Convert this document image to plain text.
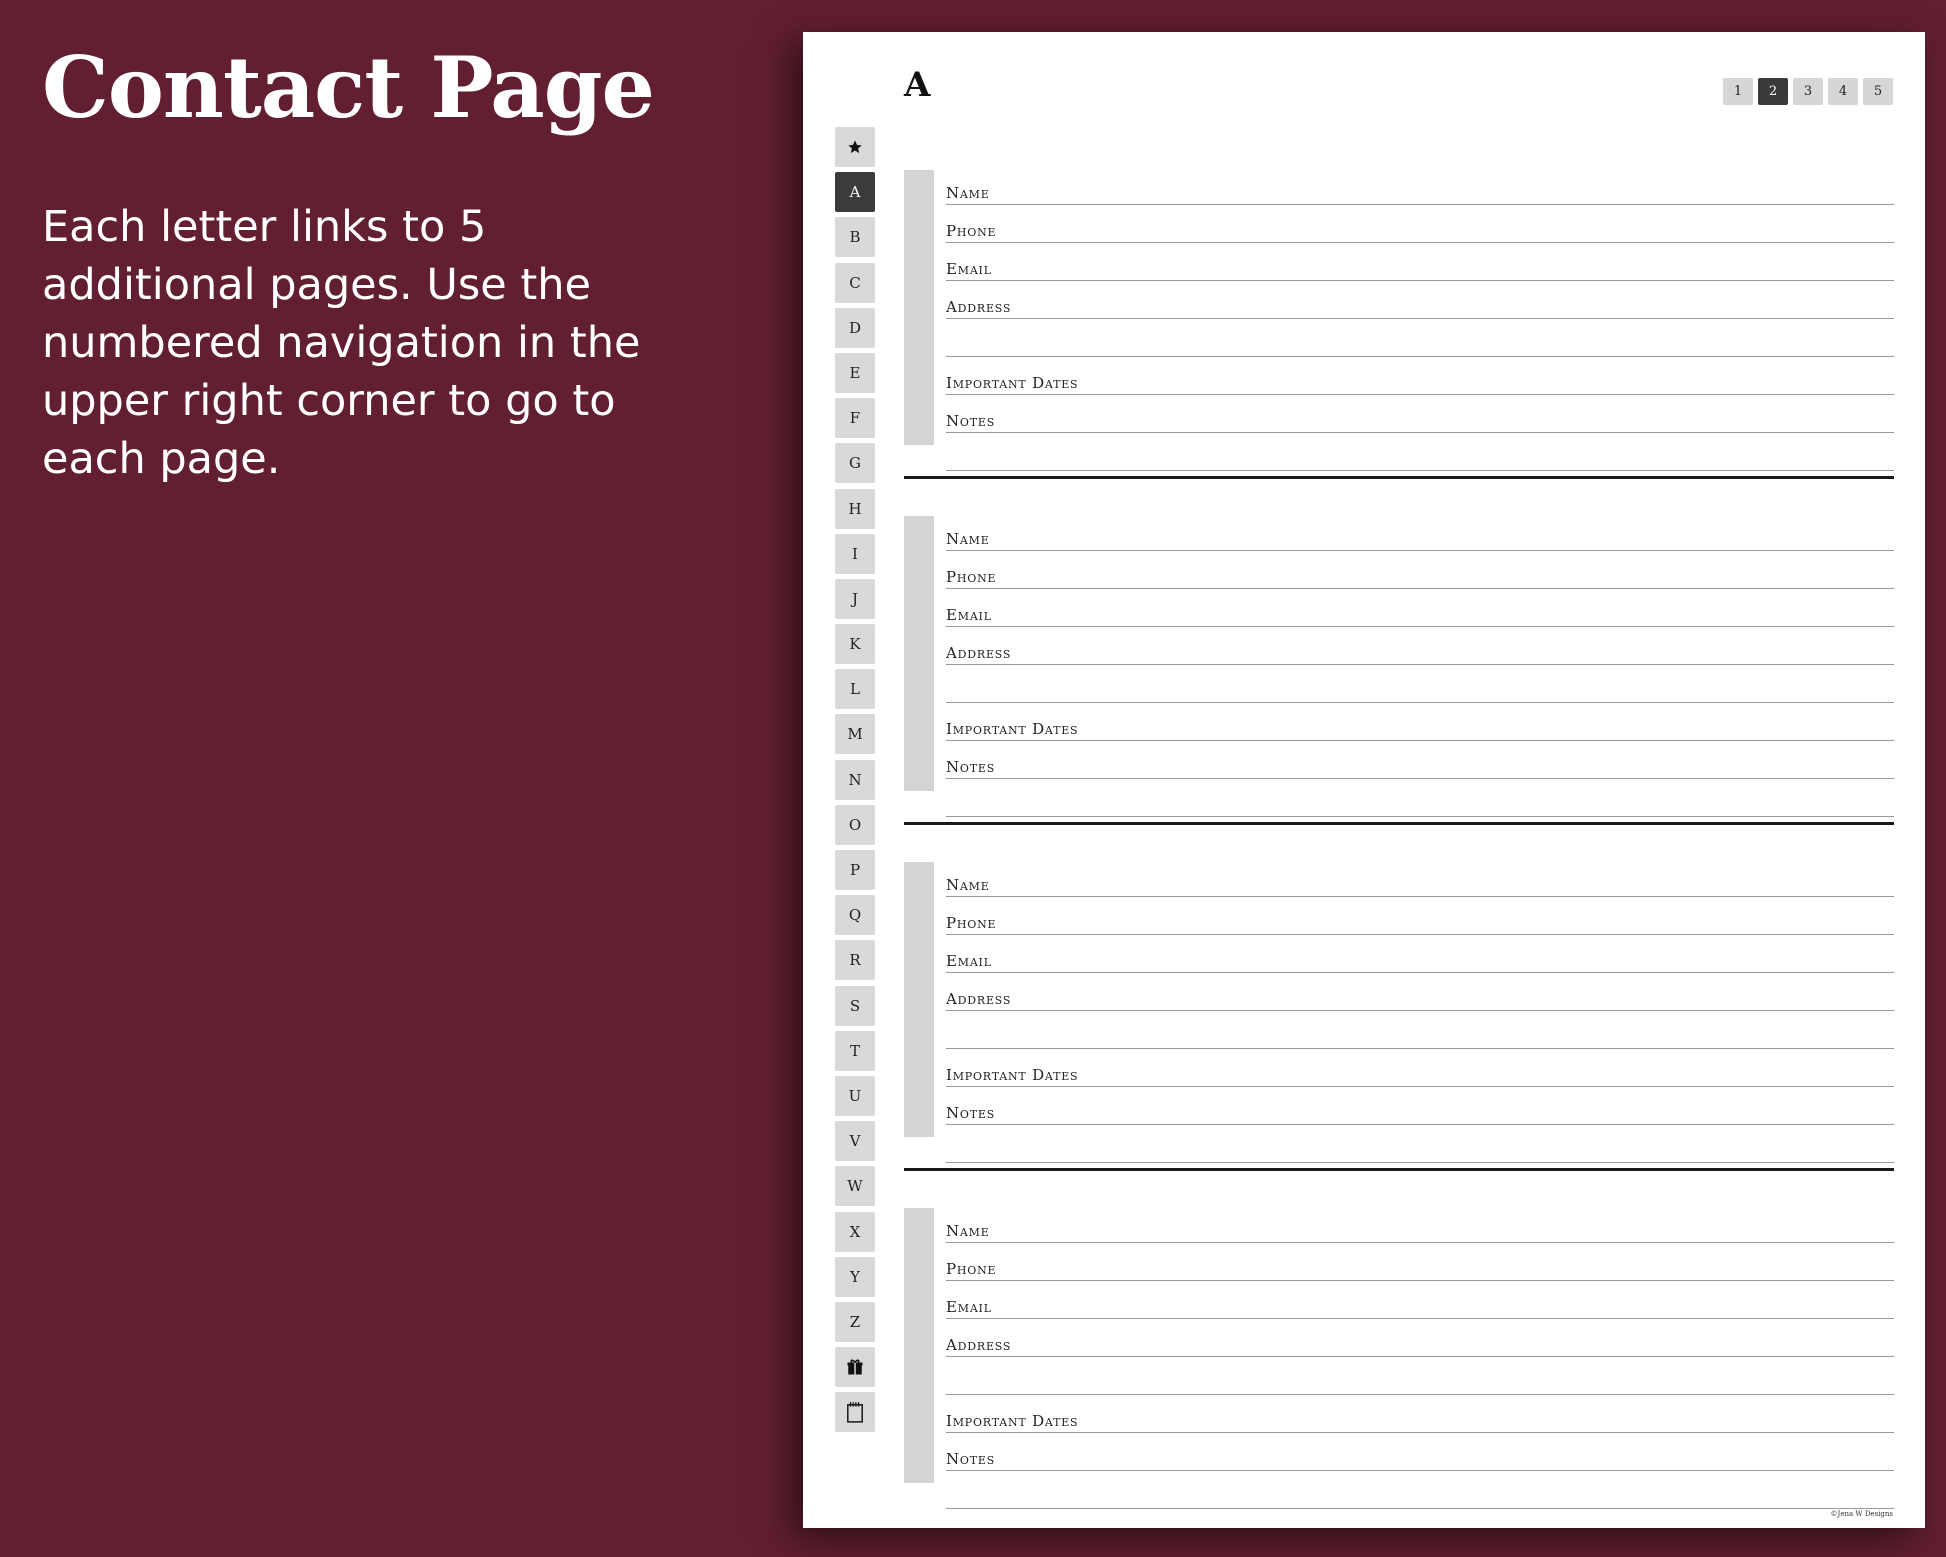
Contact Page

Each letter links to 5 additional pages. Use the numbered navigation in the upper right corner to go to each page.

A	1	2	3	4	5
A
B
C
D
E
F
G
H
I
J
K
L
M
N
O
P
Q
R
S
T
U
V
W
X
Y
Z
Name
Phone
Email
Address
Important Dates
Notes
Name
Phone
Email
Address
Important Dates
Notes
Name
Phone
Email
Address
Important Dates
Notes
Name
Phone
Email
Address
Important Dates
Notes
©Jena W Designs
